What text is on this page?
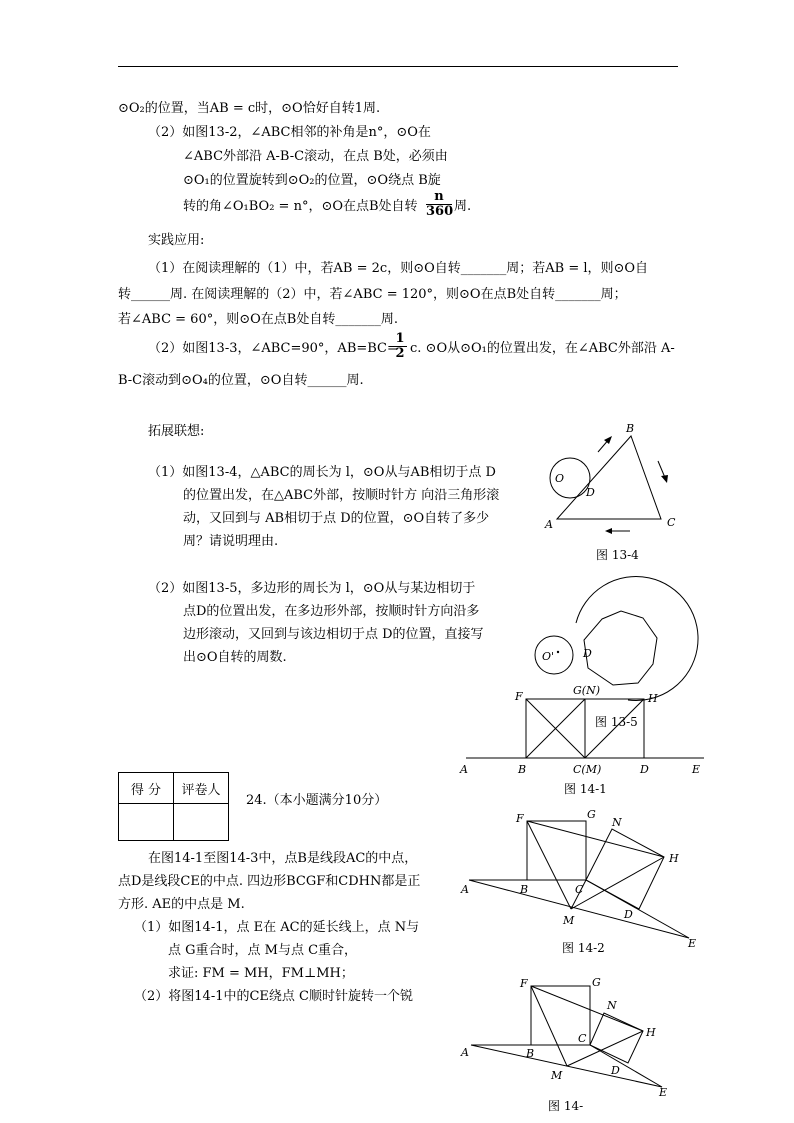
⊙O₂的位置，当AB = c时，⊙O恰好自转1周.
（2）如图13-2，∠ABC相邻的补角是n°，⊙O在
∠ABC外部沿 A-B-C滚动，在点 B处，必须由
⊙O₁的位置旋转到⊙O₂的位置，⊙O绕点 B旋
转的角∠O₁BO₂ = n°，⊙O在点B处自转 $\frac{n}{360}$ 周.
实践应用:
（1）在阅读理解的（1）中，若AB = 2c，则⊙O自转_______周；若AB = l，则⊙O自
转______周. 在阅读理解的（2）中，若∠ABC = 120°，则⊙O在点B处自转_______周；
若∠ABC = 60°，则⊙O在点B处自转_______周.
（2）如图13-3，∠ABC=90°，AB=BC=
$\frac{1}{2} c$. ⊙O从⊙O₁的位置出发，在∠ABC外部沿 A-
B-C滚动到⊙O₄的位置，⊙O自转______周.
拓展联想:
（1）如图13-4，△ABC的周长为 l，⊙O从与AB相切于点 D
的位置出发，在△ABC外部，按顺时针方 向沿三角形滚
动，又回到与 AB相切于点 D的位置，⊙O自转了多少
周？请说明理由.
（2）如图13-5，多边形的周长为 l，⊙O从与某边相切于
点D的位置出发，在多边形外部，按顺时针方向沿多
边形滚动，又回到与该边相切于点 D的位置，直接写
出⊙O自转的周数.
得 分	评卷人

24.（本小题满分10分）
在图14-1至图14-3中，点B是线段AC的中点，
点D是线段CE的中点. 四边形BCGF和CDHN都是正
方形. AE的中点是 M.
（1）如图14-1，点 E在 AC的延长线上，点 N与
点 G重合时，点 M与点 C重合，
求证: FM = MH，FM⊥MH；
（2）将图14-1中的CE绕点 C顺时针旋转一个锐
O
D
B
A	C
图 13-4
O'	D
图 13-5
F	G(N)
H
A	B	C(M)	D	E
图 14-1
F	G
N
H
A	B	C
M	D
E
图 14-2
F	G
N
H
A	B
C
M	D
E
图 14-
